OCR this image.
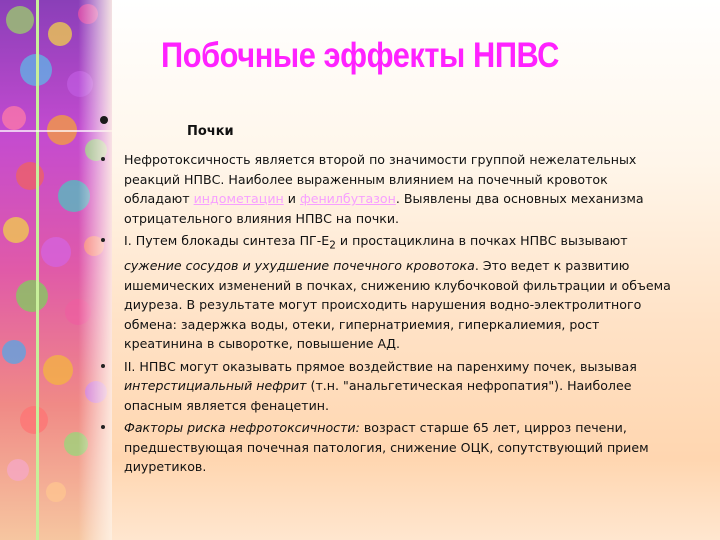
Побочные эффекты НПВС
Почки
Нефротоксичность является второй по значимости группой нежелательных реакций НПВС. Наиболее выраженным влиянием на почечный кровоток обладают индометацин и фенилбутазон. Выявлены два основных механизма отрицательного влияния НПВС на почки.
I. Путем блокады синтеза $ПГ-Е_2$ и простациклина в почках НПВС вызывают сужение сосудов и ухудшение почечного кровотока. Это ведет к развитию ишемических изменений в почках, снижению клубочковой фильтрации и объема диуреза. В результате могут происходить нарушения водно-электролитного обмена: задержка воды, отеки, гипернатриемия, гиперкалиемия, рост креатинина в сыворотке, повышение АД.
II. НПВС могут оказывать прямое воздействие на паренхиму почек, вызывая интерстициальный нефрит (т.н. "анальгетическая нефропатия"). Наиболее опасным является фенацетин.
Факторы риска нефротоксичности: возраст старше 65 лет, цирроз печени, предшествующая почечная патология, снижение ОЦК, сопутствующий прием диуретиков.
